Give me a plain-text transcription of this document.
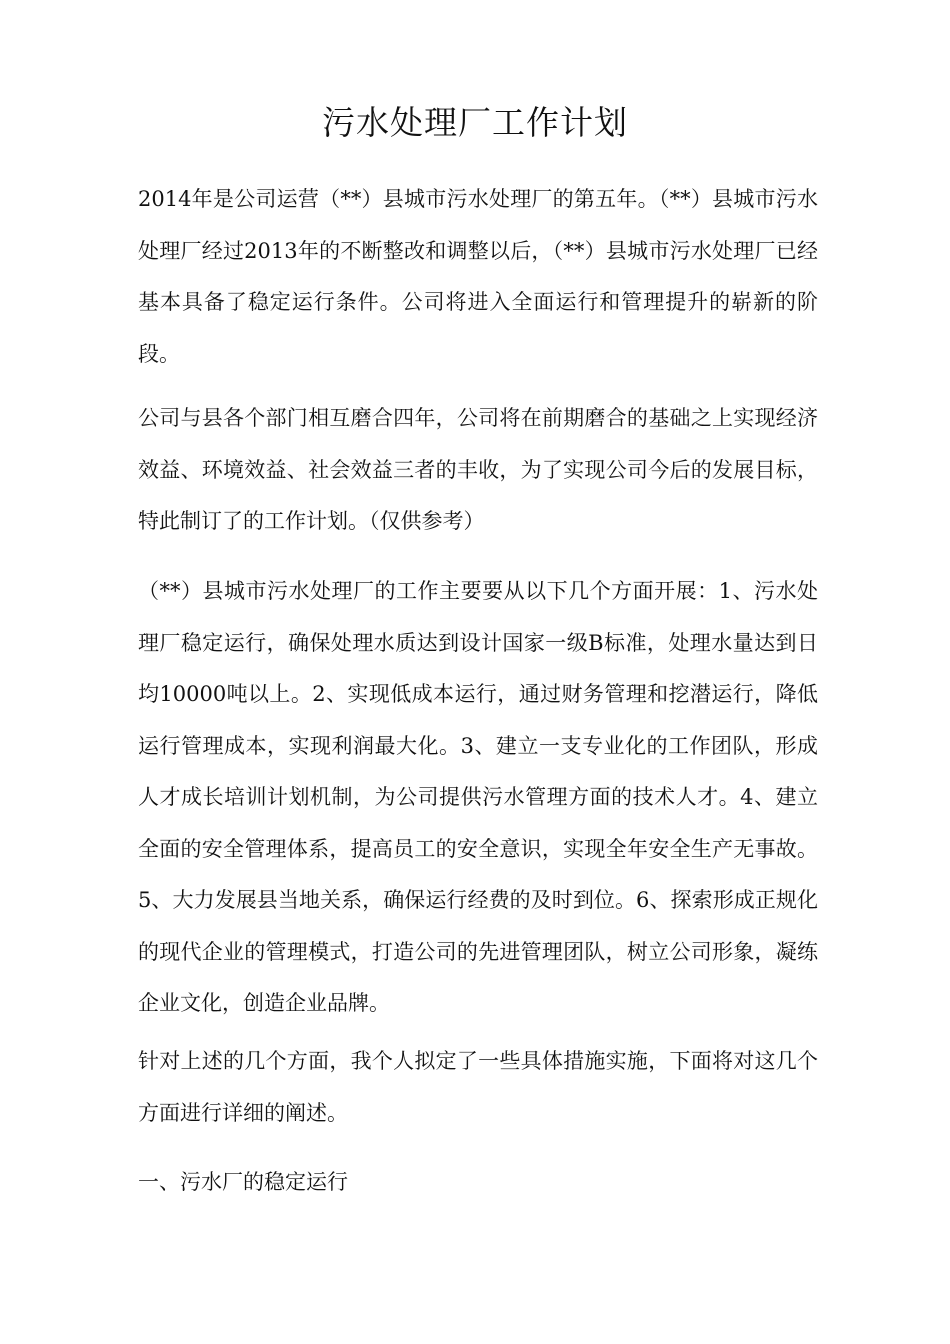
污水处理厂工作计划

2014年是公司运营（**）县城市污水处理厂的第五年。（**）县城市污水处理厂经过2013年的不断整改和调整以后，（**）县城市污水处理厂已经基本具备了稳定运行条件。公司将进入全面运行和管理提升的崭新的阶段。

公司与县各个部门相互磨合四年，公司将在前期磨合的基础之上实现经济效益、环境效益、社会效益三者的丰收，为了实现公司今后的发展目标，特此制订了的工作计划。（仅供参考）

（**）县城市污水处理厂的工作主要要从以下几个方面开展：1、污水处理厂稳定运行，确保处理水质达到设计国家一级B标准，处理水量达到日均10000吨以上。2、实现低成本运行，通过财务管理和挖潜运行，降低运行管理成本，实现利润最大化。3、建立一支专业化的工作团队，形成人才成长培训计划机制，为公司提供污水管理方面的技术人才。4、建立全面的安全管理体系，提高员工的安全意识，实现全年安全生产无事故。5、大力发展县当地关系，确保运行经费的及时到位。6、探索形成正规化的现代企业的管理模式，打造公司的先进管理团队，树立公司形象，凝练企业文化，创造企业品牌。

针对上述的几个方面，我个人拟定了一些具体措施实施，下面将对这几个方面进行详细的阐述。

一、污水厂的稳定运行
